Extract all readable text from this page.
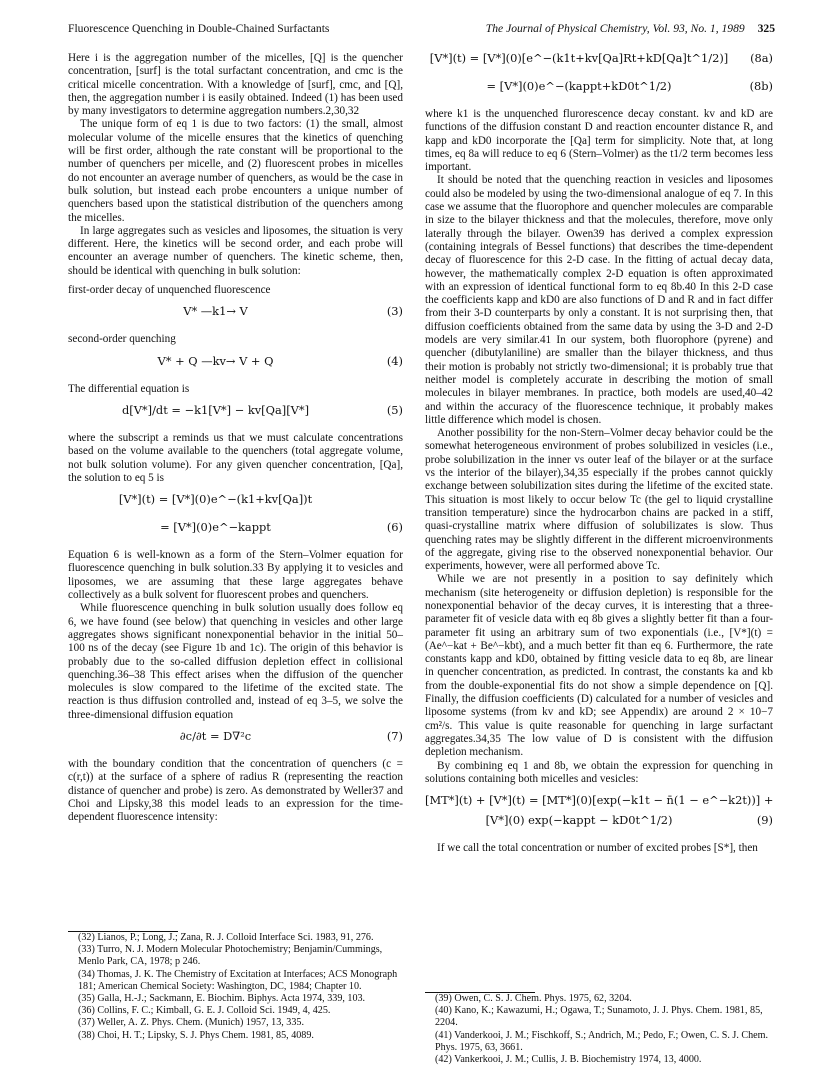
Fluorescence Quenching in Double-Chained Surfactants	The Journal of Physical Chemistry, Vol. 93, No. 1, 1989 325

Here i is the aggregation number of the micelles, [Q] is the quencher concentration, [surf] is the total surfactant concentration, and cmc is the critical micelle concentration. With a knowledge of [surf], cmc, and [Q], then, the aggregation number i is easily obtained. Indeed (1) has been used by many investigators to determine aggregation numbers.2,30,32

The unique form of eq 1 is due to two factors: (1) the small, almost molecular volume of the micelle ensures that the kinetics of quenching will be first order, although the rate constant will be proportional to the number of quenchers per micelle, and (2) fluorescent probes in micelles do not encounter an average number of quenchers, as would be the case in bulk solution, but instead each probe encounters a unique number of quenchers based upon the statistical distribution of the quenchers among the micelles.

In large aggregates such as vesicles and liposomes, the situation is very different. Here, the kinetics will be second order, and each probe will encounter an average number of quenchers. The kinetic scheme, then, should be identical with quenching in bulk solution:

first-order decay of unquenched fluorescence

V* —k1→ V	(3)

second-order quenching

V* + Q —kv→ V + Q	(4)

The differential equation is

d[V*]/dt = −k1[V*] − kv[Qa][V*]	(5)

where the subscript a reminds us that we must calculate concentrations based on the volume available to the quenchers (total aggregate volume, not bulk solution volume). For any given quencher concentration, [Qa], the solution to eq 5 is

[V*](t) = [V*](0)e^−(k1+kv[Qa])t
= [V*](0)e^−kappt	(6)

Equation 6 is well-known as a form of the Stern–Volmer equation for fluorescence quenching in bulk solution.33 By applying it to vesicles and liposomes, we are assuming that these large aggregates behave collectively as a bulk solvent for fluorescent probes and quenchers.

While fluorescence quenching in bulk solution usually does follow eq 6, we have found (see below) that quenching in vesicles and other large aggregates shows significant nonexponential behavior in the initial 50–100 ns of the decay (see Figure 1b and 1c). The origin of this behavior is probably due to the so-called diffusion depletion effect in collisional quenching.36–38 This effect arises when the diffusion of the quencher molecules is slow compared to the lifetime of the excited state. The reaction is thus diffusion controlled and, instead of eq 3–5, we solve the three-dimensional diffusion equation

∂c/∂t = D∇²c	(7)

with the boundary condition that the concentration of quenchers (c = c(r,t)) at the surface of a sphere of radius R (representing the reaction distance of quencher and probe) is zero. As demonstrated by Weller37 and Choi and Lipsky,38 this model leads to an expression for the time-dependent fluorescence intensity:

[V*](t) = [V*](0)[e^−(k1t+kv[Qa]Rt+kD[Qa]t^1/2)]	(8a)
= [V*](0)e^−(kappt+kD0t^1/2)	(8b)

where k1 is the unquenched flurorescence decay constant. kv and kD are functions of the diffusion constant D and reaction encounter distance R, and kapp and kD0 incorporate the [Qa] term for simplicity. Note that, at long times, eq 8a will reduce to eq 6 (Stern–Volmer) as the t1/2 term becomes less important.

It should be noted that the quenching reaction in vesicles and liposomes could also be modeled by using the two-dimensional analogue of eq 7. In this case we assume that the fluorophore and quencher molecules are comparable in size to the bilayer thickness and that the molecules, therefore, move only laterally through the bilayer. Owen39 has derived a complex expression (containing integrals of Bessel functions) that describes the time-dependent decay of fluorescence for this 2-D case. In the fitting of actual decay data, however, the mathematically complex 2-D equation is often approximated with an expression of identical functional form to eq 8b.40 In this 2-D case the coefficients kapp and kD0 are also functions of D and R and in fact differ from their 3-D counterparts by only a constant. It is not surprising then, that diffusion coefficients obtained from the same data by using the 3-D and 2-D models are very similar.41 In our system, both fluorophore (pyrene) and quencher (dibutylaniline) are smaller than the bilayer thickness, and thus their motion is probably not strictly two-dimensional; it is probably true that neither model is completely accurate in describing the motion of small molecules in bilayer membranes. In practice, both models are used,40–42 and within the accuracy of the fluorescence technique, it probably makes little difference which model is chosen.

Another possibility for the non-Stern–Volmer decay behavior could be the somewhat heterogeneous environment of probes solubilized in vesicles (i.e., probe solubilization in the inner vs outer leaf of the bilayer or at the surface vs the interior of the bilayer),34,35 especially if the probes cannot quickly exchange between solubilization sites during the lifetime of the excited state. This situation is most likely to occur below Tc (the gel to liquid crystalline transition temperature) since the hydrocarbon chains are packed in a stiff, quasi-crystalline matrix where diffusion of solubilizates is slow. Thus quenching rates may be slightly different in the different microenvironments of the aggregate, giving rise to the observed nonexponential behavior. Our experiments, however, were all performed above Tc.

While we are not presently in a position to say definitely which mechanism (site heterogeneity or diffusion depletion) is responsible for the nonexponential behavior of the decay curves, it is interesting that a three-parameter fit of vesicle data with eq 8b gives a slightly better fit than a four-parameter fit using an arbitrary sum of two exponentials (i.e., [V*](t) = (Ae^−kat + Be^−kbt), and a much better fit than eq 6. Furthermore, the rate constants kapp and kD0, obtained by fitting vesicle data to eq 8b, are linear in quencher concentration, as predicted. In contrast, the constants ka and kb from the double-exponential fits do not show a simple dependence on [Q]. Finally, the diffusion coefficients (D) calculated for a number of vesicles and liposome systems (from kv and kD; see Appendix) are around 2 × 10−7 cm²/s. This value is quite reasonable for quenching in large surfactant aggregates.34,35 The low value of D is consistent with the diffusion depletion mechanism.

By combining eq 1 and 8b, we obtain the expression for quenching in solutions containing both micelles and vesicles:

[MT*](t) + [V*](t) = [MT*](0)[exp(−k1t − n̄(1 − e^−k2t))] +
[V*](0) exp(−kappt − kD0t^1/2)	(9)

If we call the total concentration or number of excited probes [S*], then

(32) Lianos, P.; Long, J.; Zana, R. J. Colloid Interface Sci. 1983, 91, 276.

(33) Turro, N. J. Modern Molecular Photochemistry; Benjamin/Cummings, Menlo Park, CA, 1978; p 246.

(34) Thomas, J. K. The Chemistry of Excitation at Interfaces; ACS Monograph 181; American Chemical Society: Washington, DC, 1984; Chapter 10.

(35) Galla, H.-J.; Sackmann, E. Biochim. Biphys. Acta 1974, 339, 103.

(36) Collins, F. C.; Kimball, G. E. J. Colloid Sci. 1949, 4, 425.

(37) Weller, A. Z. Phys. Chem. (Munich) 1957, 13, 335.

(38) Choi, H. T.; Lipsky, S. J. Phys Chem. 1981, 85, 4089.

(39) Owen, C. S. J. Chem. Phys. 1975, 62, 3204.

(40) Kano, K.; Kawazumi, H.; Ogawa, T.; Sunamoto, J. J. Phys. Chem. 1981, 85, 2204.

(41) Vanderkooi, J. M.; Fischkoff, S.; Andrich, M.; Pedo, F.; Owen, C. S. J. Chem. Phys. 1975, 63, 3661.

(42) Vankerkooi, J. M.; Cullis, J. B. Biochemistry 1974, 13, 4000.
